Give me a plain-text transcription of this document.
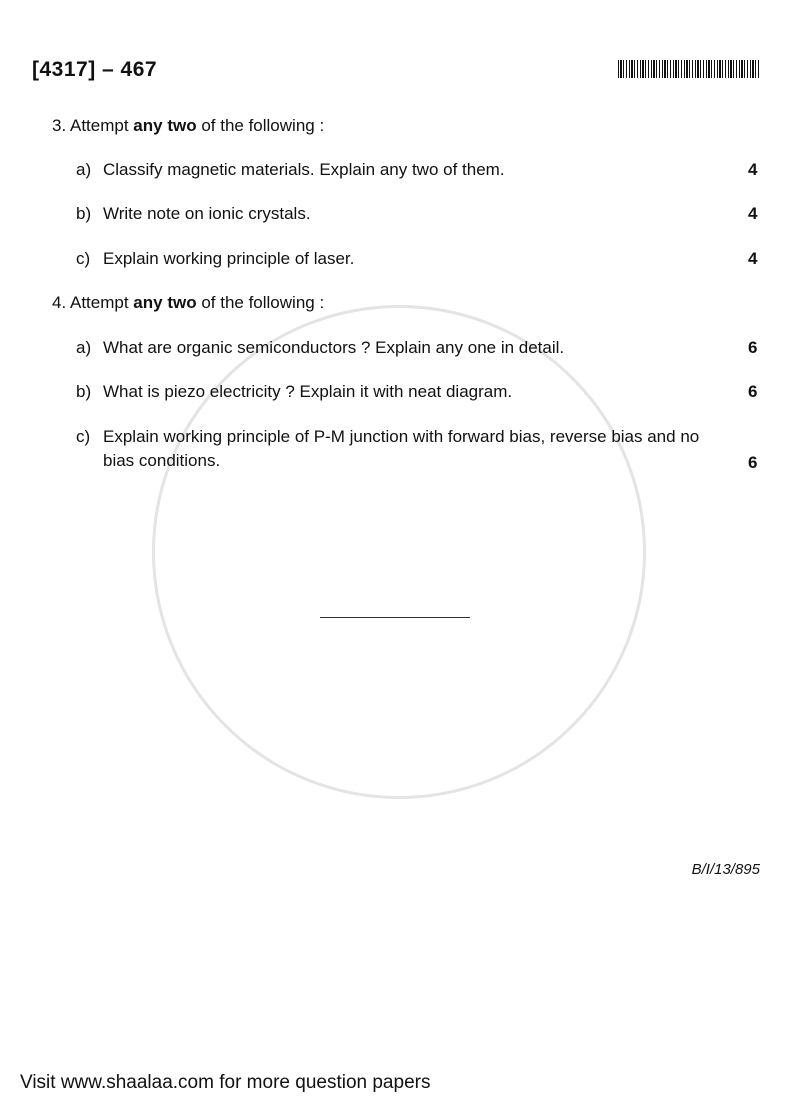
[4317] – 467
3. Attempt any two of the following :
a) Classify magnetic materials. Explain any two of them.	4
b) Write note on ionic crystals.	4
c) Explain working principle of laser.	4
4. Attempt any two of the following :
a) What are organic semiconductors ? Explain any one in detail.	6
b) What is piezo electricity ? Explain it with neat diagram.	6
c) Explain working principle of P-M junction with forward bias, reverse bias and no bias conditions.	6
B/I/13/895
Visit www.shaalaa.com for more question papers
